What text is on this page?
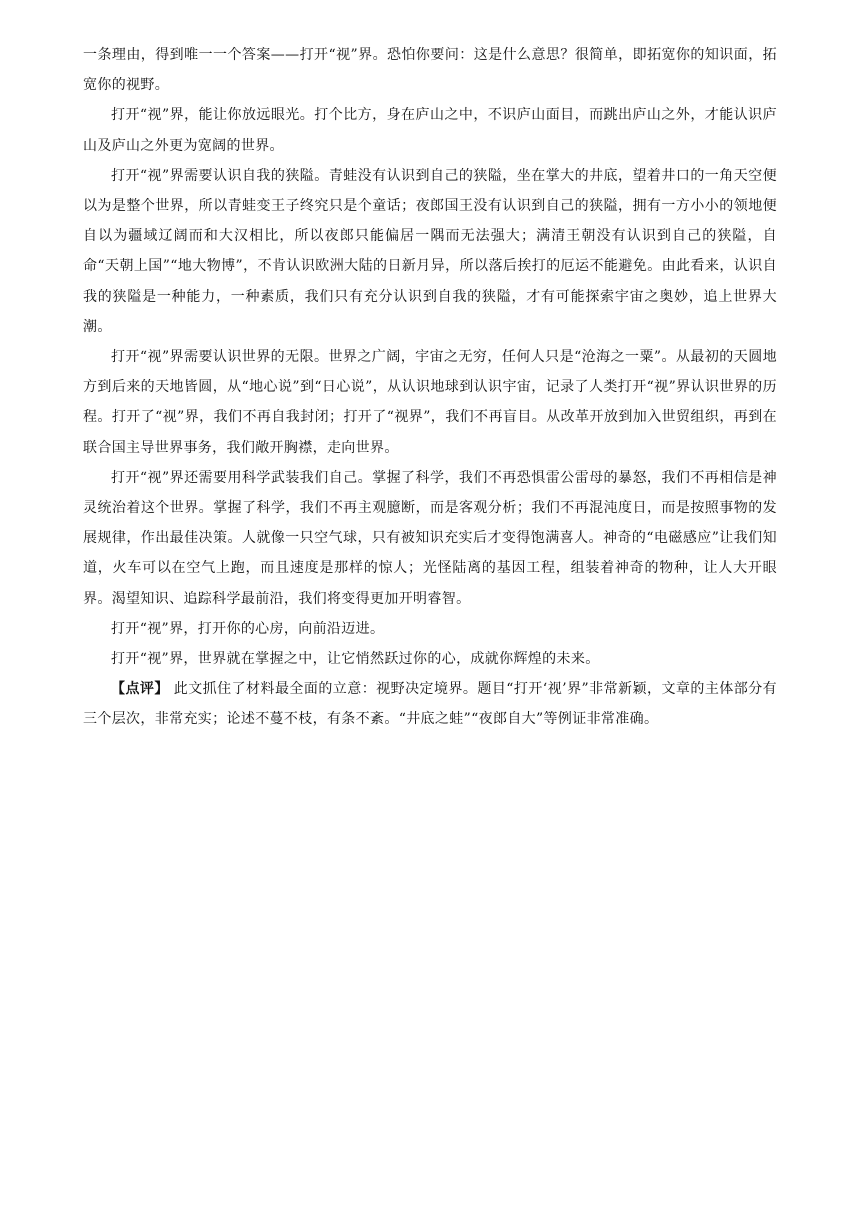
一条理由，得到唯一一个答案——打开“视”界。恐怕你要问：这是什么意思？很简单，即拓宽你的知识面，拓宽你的视野。

打开“视”界，能让你放远眼光。打个比方，身在庐山之中，不识庐山面目，而跳出庐山之外，才能认识庐山及庐山之外更为宽阔的世界。

打开“视”界需要认识自我的狭隘。青蛙没有认识到自己的狭隘，坐在掌大的井底，望着井口的一角天空便以为是整个世界，所以青蛙变王子终究只是个童话；夜郎国王没有认识到自己的狭隘，拥有一方小小的领地便自以为疆域辽阔而和大汉相比，所以夜郎只能偏居一隅而无法强大；满清王朝没有认识到自己的狭隘，自命“天朝上国”“地大物博”，不肯认识欧洲大陆的日新月异，所以落后挨打的厄运不能避免。由此看来，认识自我的狭隘是一种能力，一种素质，我们只有充分认识到自我的狭隘，才有可能探索宇宙之奥妙，追上世界大潮。

打开“视”界需要认识世界的无限。世界之广阔，宇宙之无穷，任何人只是“沧海之一粟”。从最初的天圆地方到后来的天地皆圆，从“地心说”到“日心说”，从认识地球到认识宇宙，记录了人类打开“视”界认识世界的历程。打开了“视”界，我们不再自我封闭；打开了“视界”，我们不再盲目。从改革开放到加入世贸组织，再到在联合国主导世界事务，我们敞开胸襟，走向世界。

打开“视”界还需要用科学武装我们自己。掌握了科学，我们不再恐惧雷公雷母的暴怒，我们不再相信是神灵统治着这个世界。掌握了科学，我们不再主观臆断，而是客观分析；我们不再混沌度日，而是按照事物的发展规律，作出最佳决策。人就像一只空气球，只有被知识充实后才变得饱满喜人。神奇的“电磁感应”让我们知道，火车可以在空气上跑，而且速度是那样的惊人；光怪陆离的基因工程，组装着神奇的物种，让人大开眼界。渴望知识、追踪科学最前沿，我们将变得更加开明睿智。

打开“视”界，打开你的心房，向前沿迈进。

打开“视”界，世界就在掌握之中，让它悄然跃过你的心，成就你辉煌的未来。

【点评】 此文抓住了材料最全面的立意：视野决定境界。题目“打开‘视’界”非常新颖，文章的主体部分有三个层次，非常充实；论述不蔓不枝，有条不紊。“井底之蛙”“夜郎自大”等例证非常准确。
